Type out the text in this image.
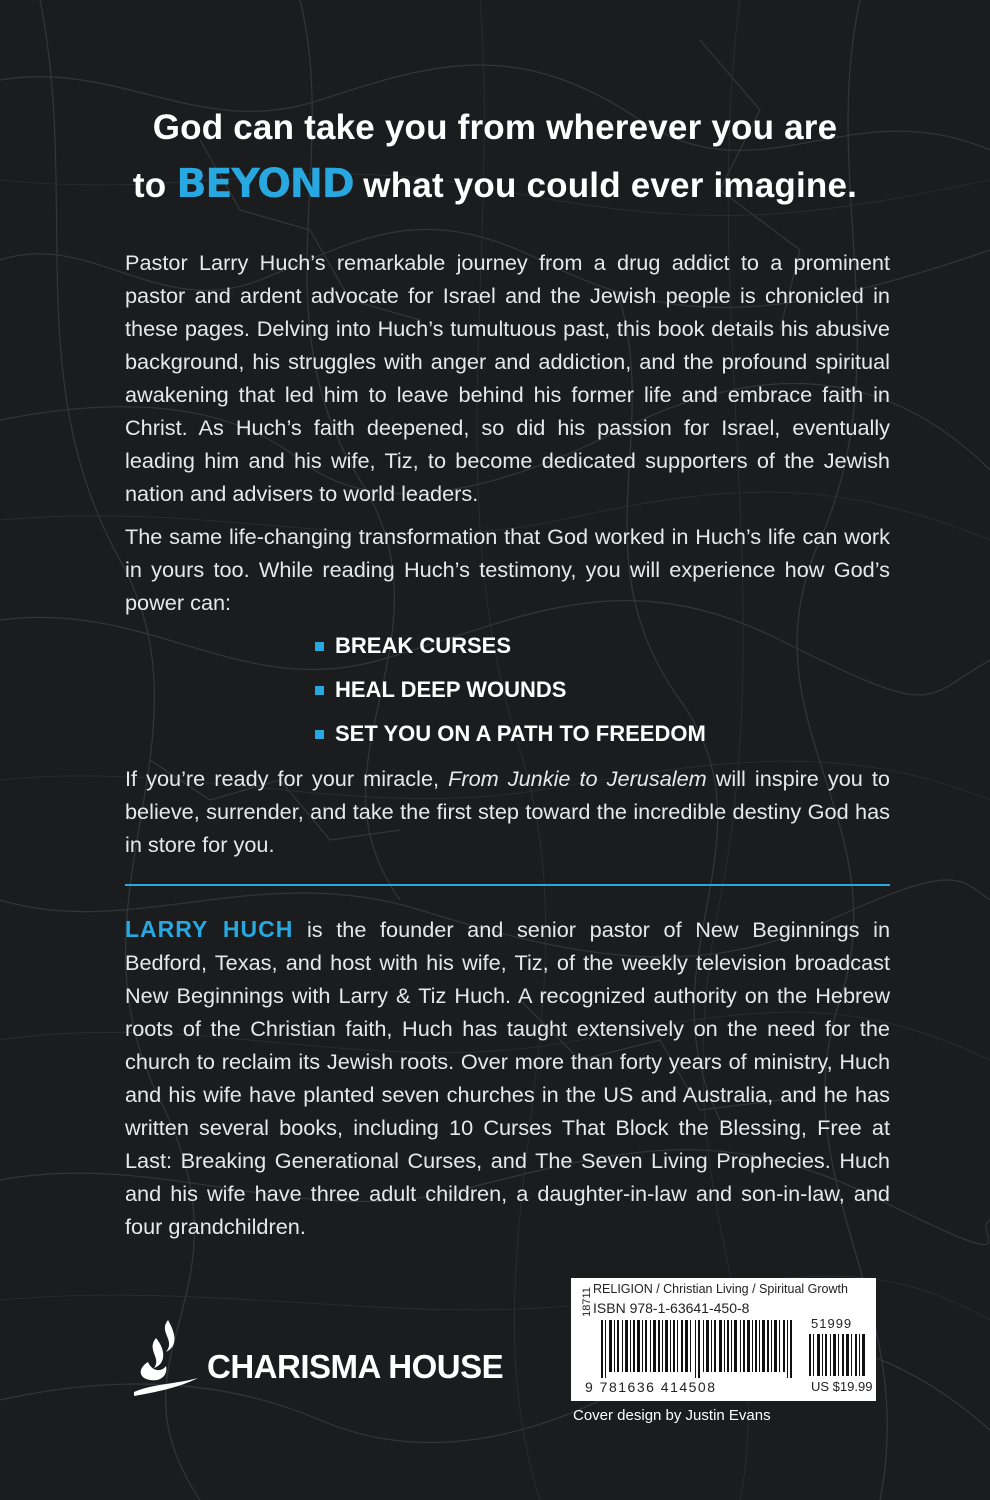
God can take you from wherever you are
to BEYOND what you could ever imagine.

Pastor Larry Huch’s remarkable journey from a drug addict to a prominent pastor and ardent advocate for Israel and the Jewish people is chronicled in these pages. Delving into Huch’s tumultuous past, this book details his abusive background, his struggles with anger and addiction, and the profound spiritual awakening that led him to leave behind his former life and embrace faith in Christ. As Huch’s faith deepened, so did his passion for Israel, eventually leading him and his wife, Tiz, to become dedicated supporters of the Jewish nation and advisers to world leaders.

The same life-changing transformation that God worked in Huch’s life can work in yours too. While reading Huch’s testimony, you will experience how God’s power can:

BREAK CURSES
HEAL DEEP WOUNDS
SET YOU ON A PATH TO FREEDOM

If you’re ready for your miracle, From Junkie to Jerusalem will inspire you to believe, surrender, and take the first step toward the incredible destiny God has in store for you.

LARRY HUCH is the founder and senior pastor of New Beginnings in Bedford, Texas, and host with his wife, Tiz, of the weekly television broadcast New Beginnings with Larry & Tiz Huch. A recognized authority on the Hebrew roots of the Christian faith, Huch has taught extensively on the need for the church to reclaim its Jewish roots. Over more than forty years of ministry, Huch and his wife have planted seven churches in the US and Australia, and he has written several books, including 10 Curses That Block the Blessing, Free at Last: Breaking Generational Curses, and The Seven Living Prophecies. Huch and his wife have three adult children, a daughter-in-law and son-in-law, and four grandchildren.

CHARISMA HOUSE
RELIGION / Christian Living / Spiritual Growth
ISBN 978-1-63641-450-8
18711
9 781636 414508
51999
US $19.99
Cover design by Justin Evans
